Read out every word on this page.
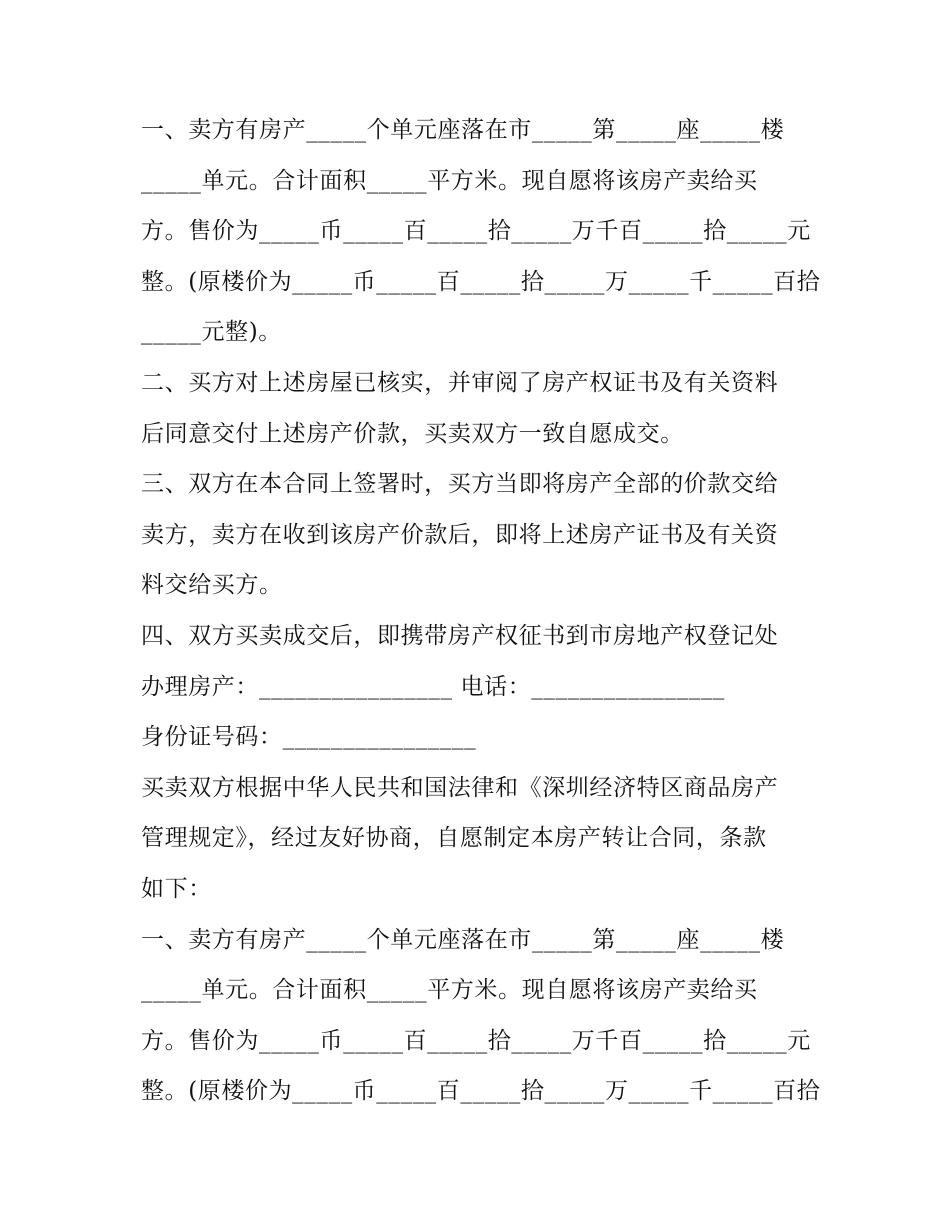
一、卖方有房产_____个单元座落在市_____第_____座_____楼
_____单元。合计面积_____平方米。现自愿将该房产卖给买
方。售价为_____币_____百_____拾_____万千百_____拾_____元
整。(原楼价为_____币_____百_____拾_____万_____千_____百拾
_____元整)。
二、买方对上述房屋已核实，并审阅了房产权证书及有关资料
后同意交付上述房产价款，买卖双方一致自愿成交。
三、双方在本合同上签署时，买方当即将房产全部的价款交给
卖方，卖方在收到该房产价款后，即将上述房产证书及有关资
料交给买方。
四、双方买卖成交后，即携带房产权征书到市房地产权登记处
办理房产：________________ 电话：________________
身份证号码：________________
买卖双方根据中华人民共和国法律和《深圳经济特区商品房产
管理规定》，经过友好协商，自愿制定本房产转让合同，条款
如下：
一、卖方有房产_____个单元座落在市_____第_____座_____楼
_____单元。合计面积_____平方米。现自愿将该房产卖给买
方。售价为_____币_____百_____拾_____万千百_____拾_____元
整。(原楼价为_____币_____百_____拾_____万_____千_____百拾
